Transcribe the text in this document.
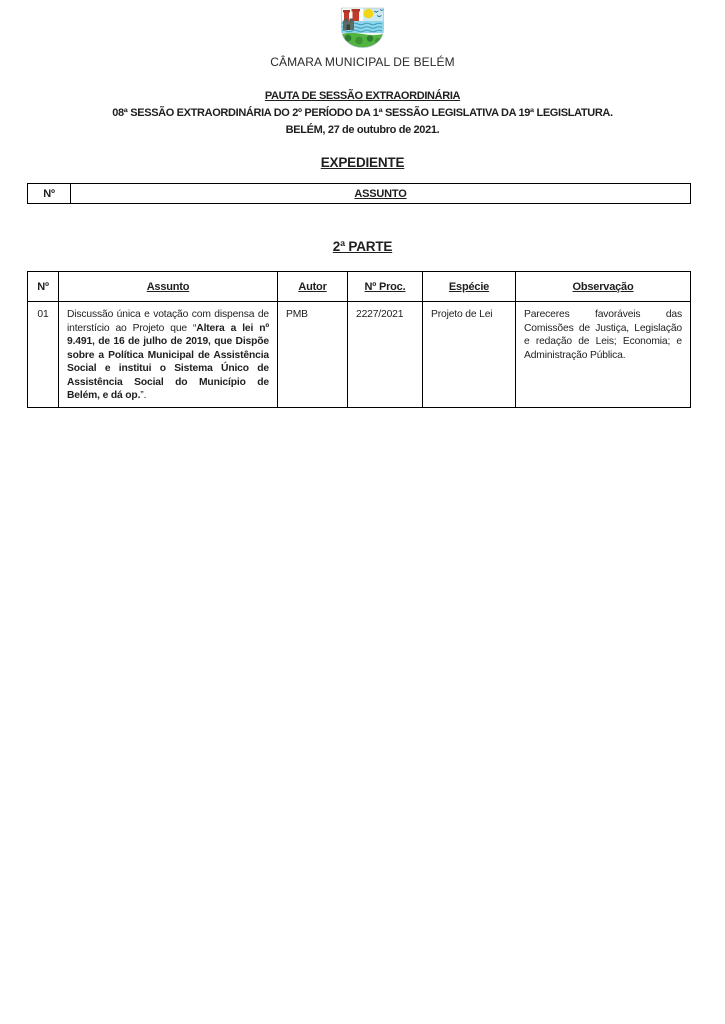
CÂMARA MUNICIPAL DE BELÉM
PAUTA DE SESSÃO EXTRAORDINÁRIA
08ª SESSÃO EXTRAORDINÁRIA DO 2º PERÍODO DA 1ª SESSÃO LEGISLATIVA DA 19ª LEGISLATURA.
BELÉM, 27 de outubro de 2021.
EXPEDIENTE
Nº	ASSUNTO
2ª PARTE
Nº	Assunto	Autor	Nº Proc.	Espécie	Observação
01	Discussão única e votação com dispensa de interstício ao Projeto que “Altera a lei nº 9.491, de 16 de julho de 2019, que Dispõe sobre a Política Municipal de Assistência Social e institui o Sistema Único de Assistência Social do Município de Belém, e dá op.”.	PMB	2227/2021	Projeto de Lei	Pareceres favoráveis das Comissões de Justiça, Legislação e redação de Leis; Economia; e Administração Pública.
